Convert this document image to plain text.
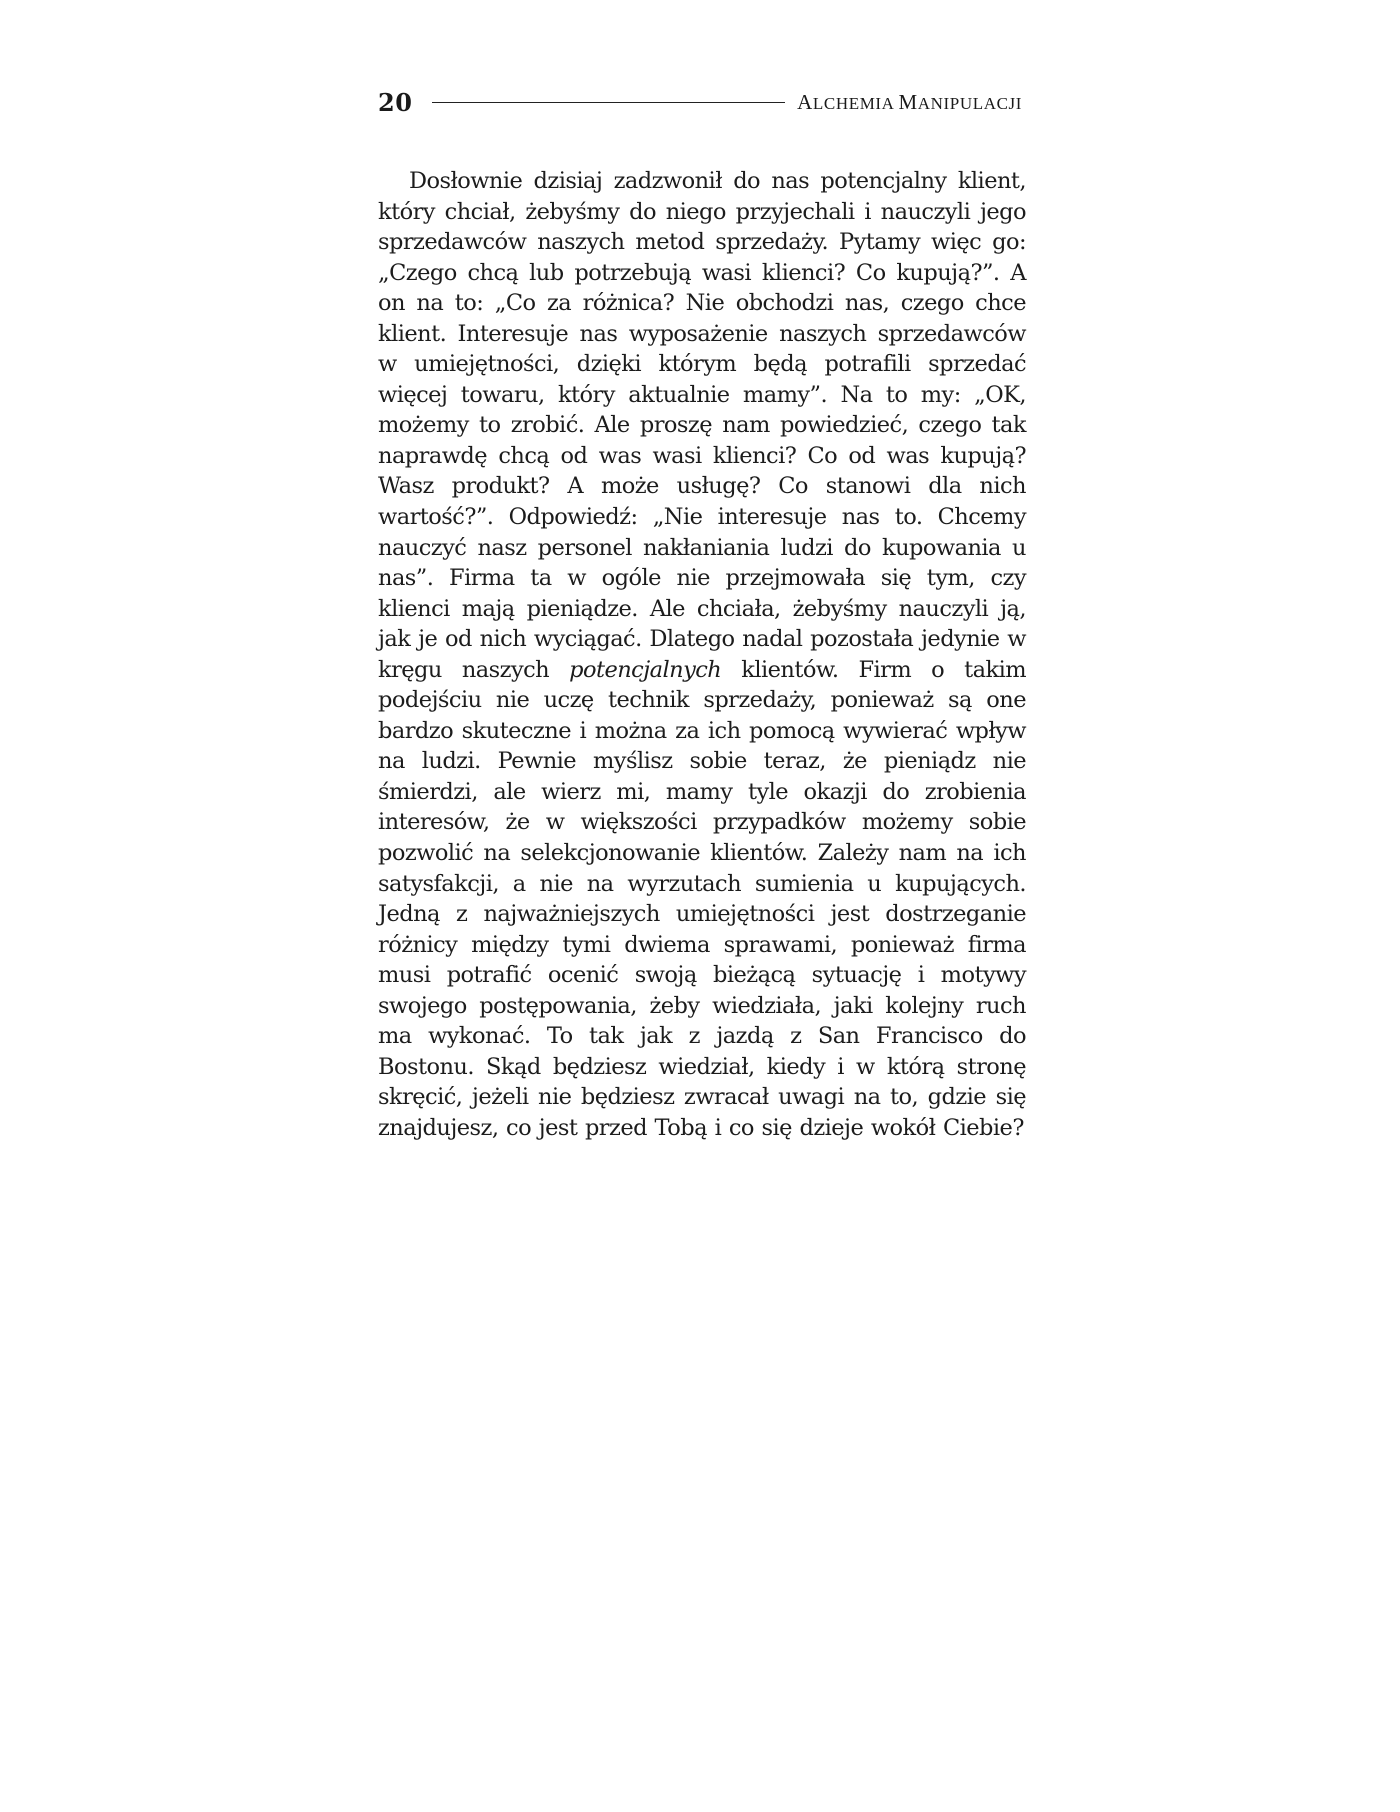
20	ALCHEMIA MANIPULACJI

Dosłownie dzisiaj zadzwonił do nas potencjalny klient, który chciał, żebyśmy do niego przyjechali i nauczyli jego sprzedawców naszych metod sprzedaży. Pytamy więc go: „Czego chcą lub potrzebują wasi klienci? Co kupują?”. A on na to: „Co za różnica? Nie obchodzi nas, czego chce klient. Interesuje nas wyposażenie naszych sprzedawców w umiejętności, dzięki którym będą potrafili sprzedać więcej towaru, który aktualnie mamy”. Na to my: „OK, możemy to zrobić. Ale proszę nam powiedzieć, czego tak naprawdę chcą od was wasi klienci? Co od was kupują? Wasz produkt? A może usługę? Co stanowi dla nich wartość?”. Odpowiedź: „Nie interesuje nas to. Chcemy nauczyć nasz personel nakłaniania ludzi do kupowania u nas”. Firma ta w ogóle nie przejmowała się tym, czy klienci mają pieniądze. Ale chciała, żebyśmy nauczyli ją, jak je od nich wyciągać. Dlatego nadal pozostała jedynie w kręgu naszych potencjalnych klientów. Firm o takim podejściu nie uczę technik sprzedaży, ponieważ są one bardzo skuteczne i można za ich pomocą wywierać wpływ na ludzi. Pewnie myślisz sobie teraz, że pieniądz nie śmierdzi, ale wierz mi, mamy tyle okazji do zrobienia interesów, że w większości przypadków możemy sobie pozwolić na selekcjonowanie klientów. Zależy nam na ich satysfakcji, a nie na wyrzutach sumienia u kupujących. Jedną z najważniejszych umiejętności jest dostrzeganie różnicy między tymi dwiema sprawami, ponieważ firma musi potrafić ocenić swoją bieżącą sytuację i motywy swojego postępowania, żeby wiedziała, jaki kolejny ruch ma wykonać. To tak jak z jazdą z San Francisco do Bostonu. Skąd będziesz wiedział, kiedy i w którą stronę skręcić, jeżeli nie będziesz zwracał uwagi na to, gdzie się znajdujesz, co jest przed Tobą i co się dzieje wokół Ciebie?
